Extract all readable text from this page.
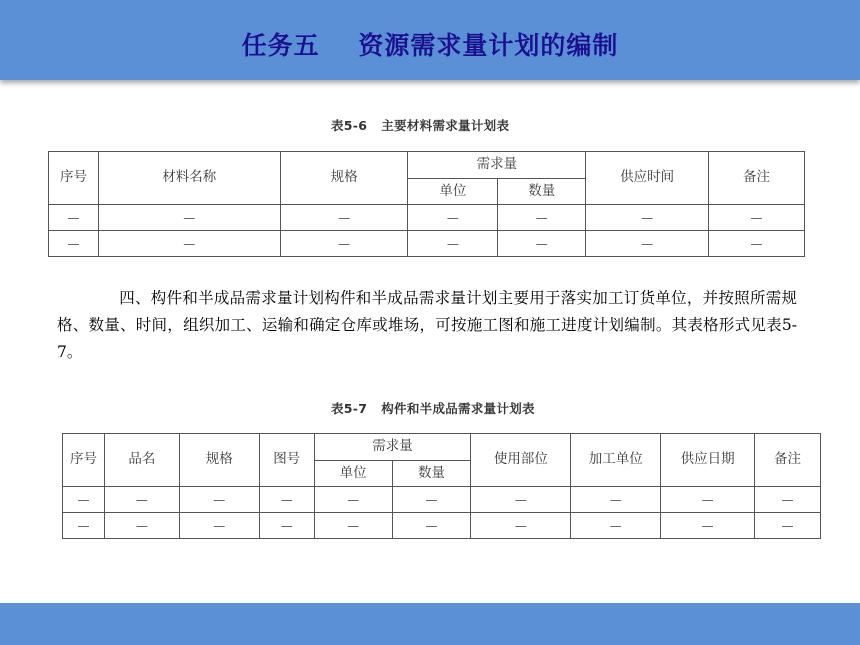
任务五    资源需求量计划的编制
表5-6   主要材料需求量计划表
序号	材料名称	规格	需求量		供应时间	备注
			单位	数量		
—	—	—	—	—	—	—
—	—	—	—	—	—	—
四、构件和半成品需求量计划构件和半成品需求量计划主要用于落实加工订货单位，并按照所需规格、数量、时间，组织加工、运输和确定仓库或堆场，可按施工图和施工进度计划编制。其表格形式见表5-7。
表5-7   构件和半成品需求量计划表
序号	品名	规格	图号	需求量		使用部位	加工单位	供应日期	备注
				单位	数量				
—	—	—	—	—	—	—	—	—	—
—	—	—	—	—	—	—	—	—	—
